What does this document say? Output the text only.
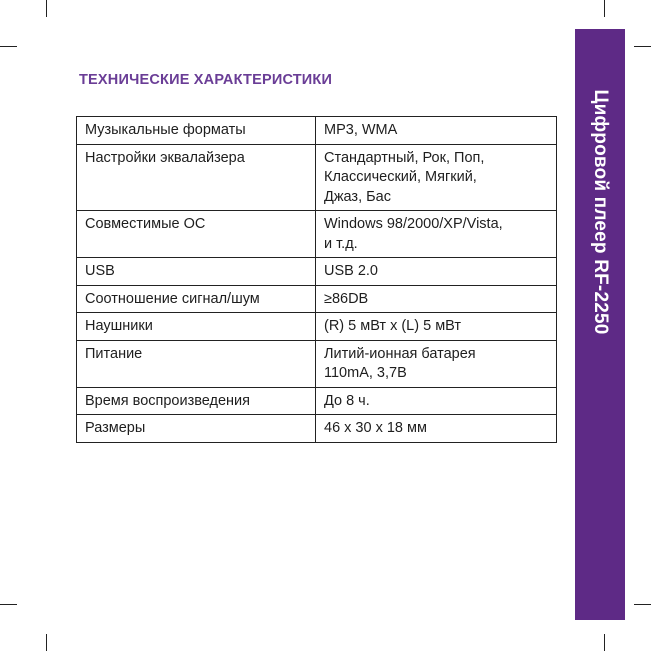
ТЕХНИЧЕСКИЕ ХАРАКТЕРИСТИКИ
Музыкальные форматы	MP3, WMA
Настройки эквалайзера	Стандартный, Рок, Поп,
Классический, Мягкий,
Джаз, Бас
Совместимые ОС	Windows 98/2000/XP/Vista,
и т.д.
USB	USB 2.0
Соотношение сигнал/шум	≥86DB
Наушники	(R) 5 мВт x (L) 5 мВт
Питание	Литий-ионная батарея
110mA, 3,7В
Время воспроизведения	До 8 ч.
Размеры	46 x 30 x 18 мм
Цифровой плеер RF-2250
